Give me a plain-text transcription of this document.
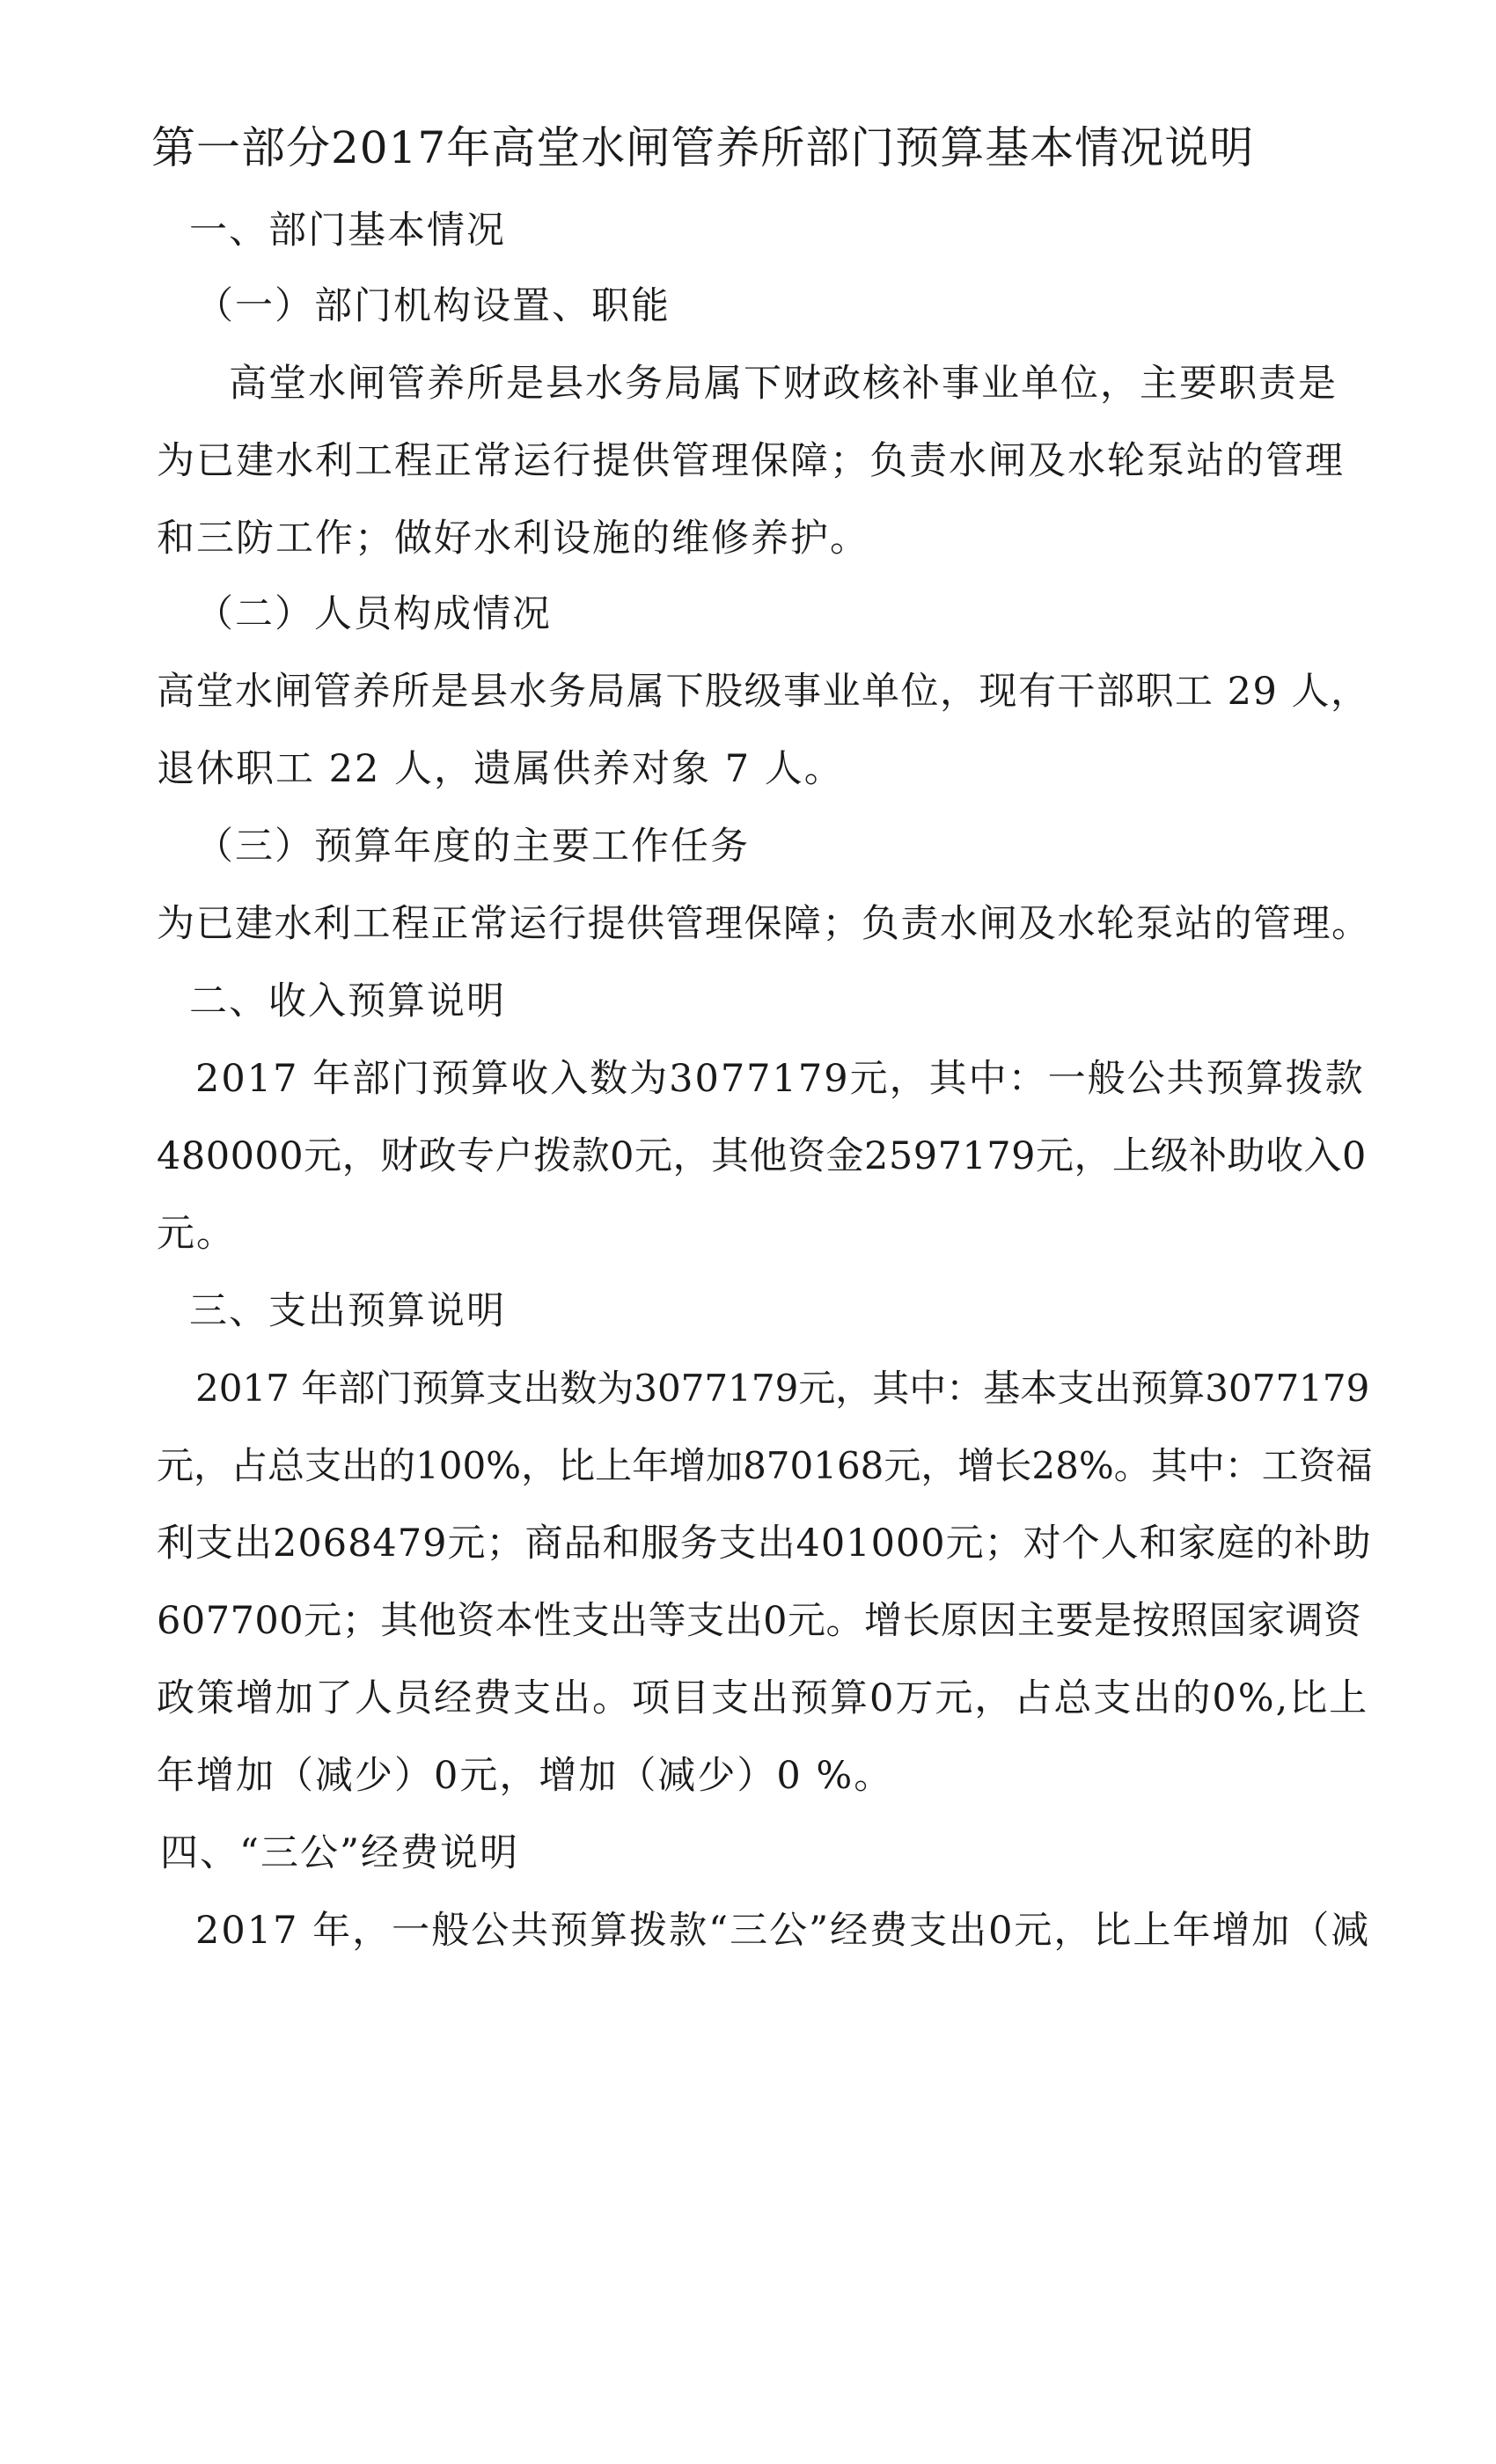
第一部分2017年高堂水闸管养所部门预算基本情况说明
一、部门基本情况
（一）部门机构设置、职能
高堂水闸管养所是县水务局属下财政核补事业单位，主要职责是
为已建水利工程正常运行提供管理保障；负责水闸及水轮泵站的管理
和三防工作；做好水利设施的维修养护。
（二）人员构成情况
高堂水闸管养所是县水务局属下股级事业单位，现有干部职工 29 人，
退休职工 22 人，遗属供养对象 7 人。
（三）预算年度的主要工作任务
为已建水利工程正常运行提供管理保障；负责水闸及水轮泵站的管理。
二、收入预算说明
2017 年部门预算收入数为3077179元，其中：一般公共预算拨款
480000元，财政专户拨款0元，其他资金2597179元，上级补助收入0
元。
三、支出预算说明
2017 年部门预算支出数为3077179元，其中：基本支出预算3077179
元，占总支出的100%，比上年增加870168元，增长28%。其中：工资福
利支出2068479元；商品和服务支出401000元；对个人和家庭的补助
607700元；其他资本性支出等支出0元。增长原因主要是按照国家调资
政策增加了人员经费支出。项目支出预算0万元，占总支出的0%,比上
年增加（减少）0元，增加（减少）0 %。
四、“三公”经费说明
2017 年，一般公共预算拨款“三公”经费支出0元，比上年增加（减
